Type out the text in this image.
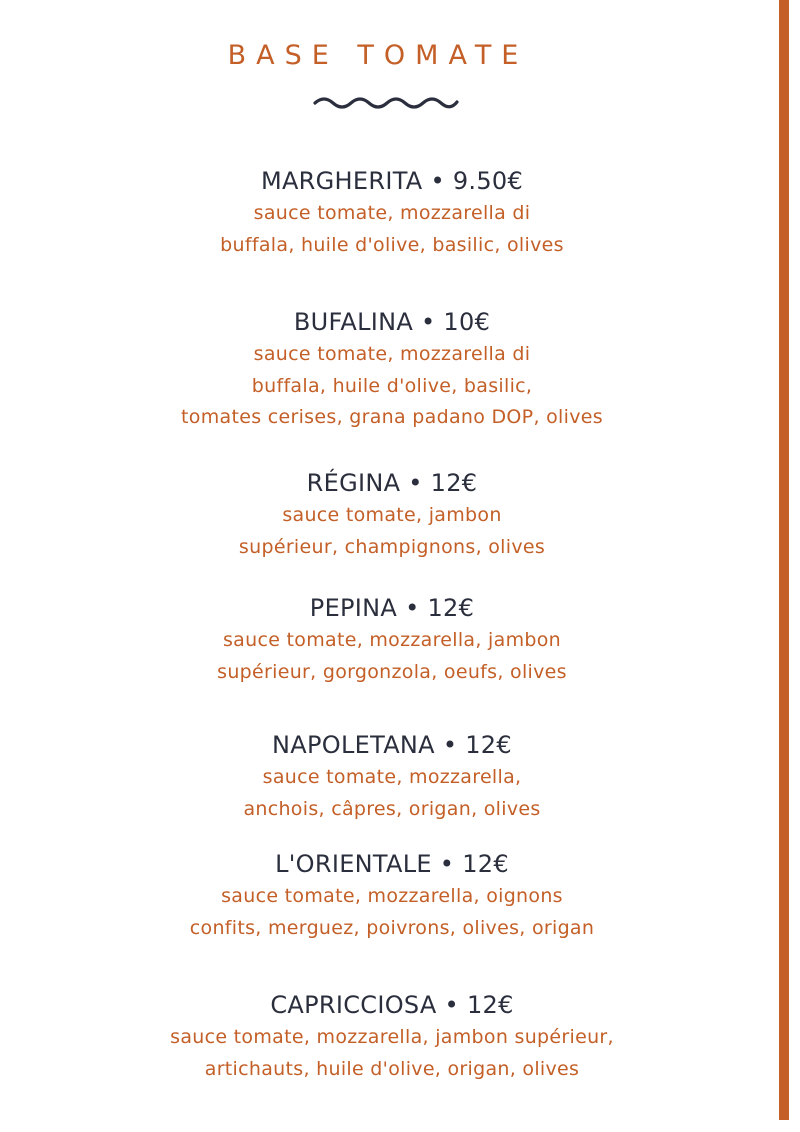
BASE TOMATE
MARGHERITA • 9.50€
sauce tomate, mozzarella di
buffala, huile d'olive, basilic, olives
BUFALINA • 10€
sauce tomate, mozzarella di
buffala, huile d'olive, basilic,
tomates cerises, grana padano DOP, olives
RÉGINA • 12€
sauce tomate, jambon
supérieur, champignons, olives
PEPINA • 12€
sauce tomate, mozzarella, jambon
supérieur, gorgonzola, oeufs, olives
NAPOLETANA • 12€
sauce tomate, mozzarella,
anchois, câpres, origan, olives
L'ORIENTALE • 12€
sauce tomate, mozzarella, oignons
confits, merguez, poivrons, olives, origan
CAPRICCIOSA • 12€
sauce tomate, mozzarella, jambon supérieur,
artichauts, huile d'olive, origan, olives
